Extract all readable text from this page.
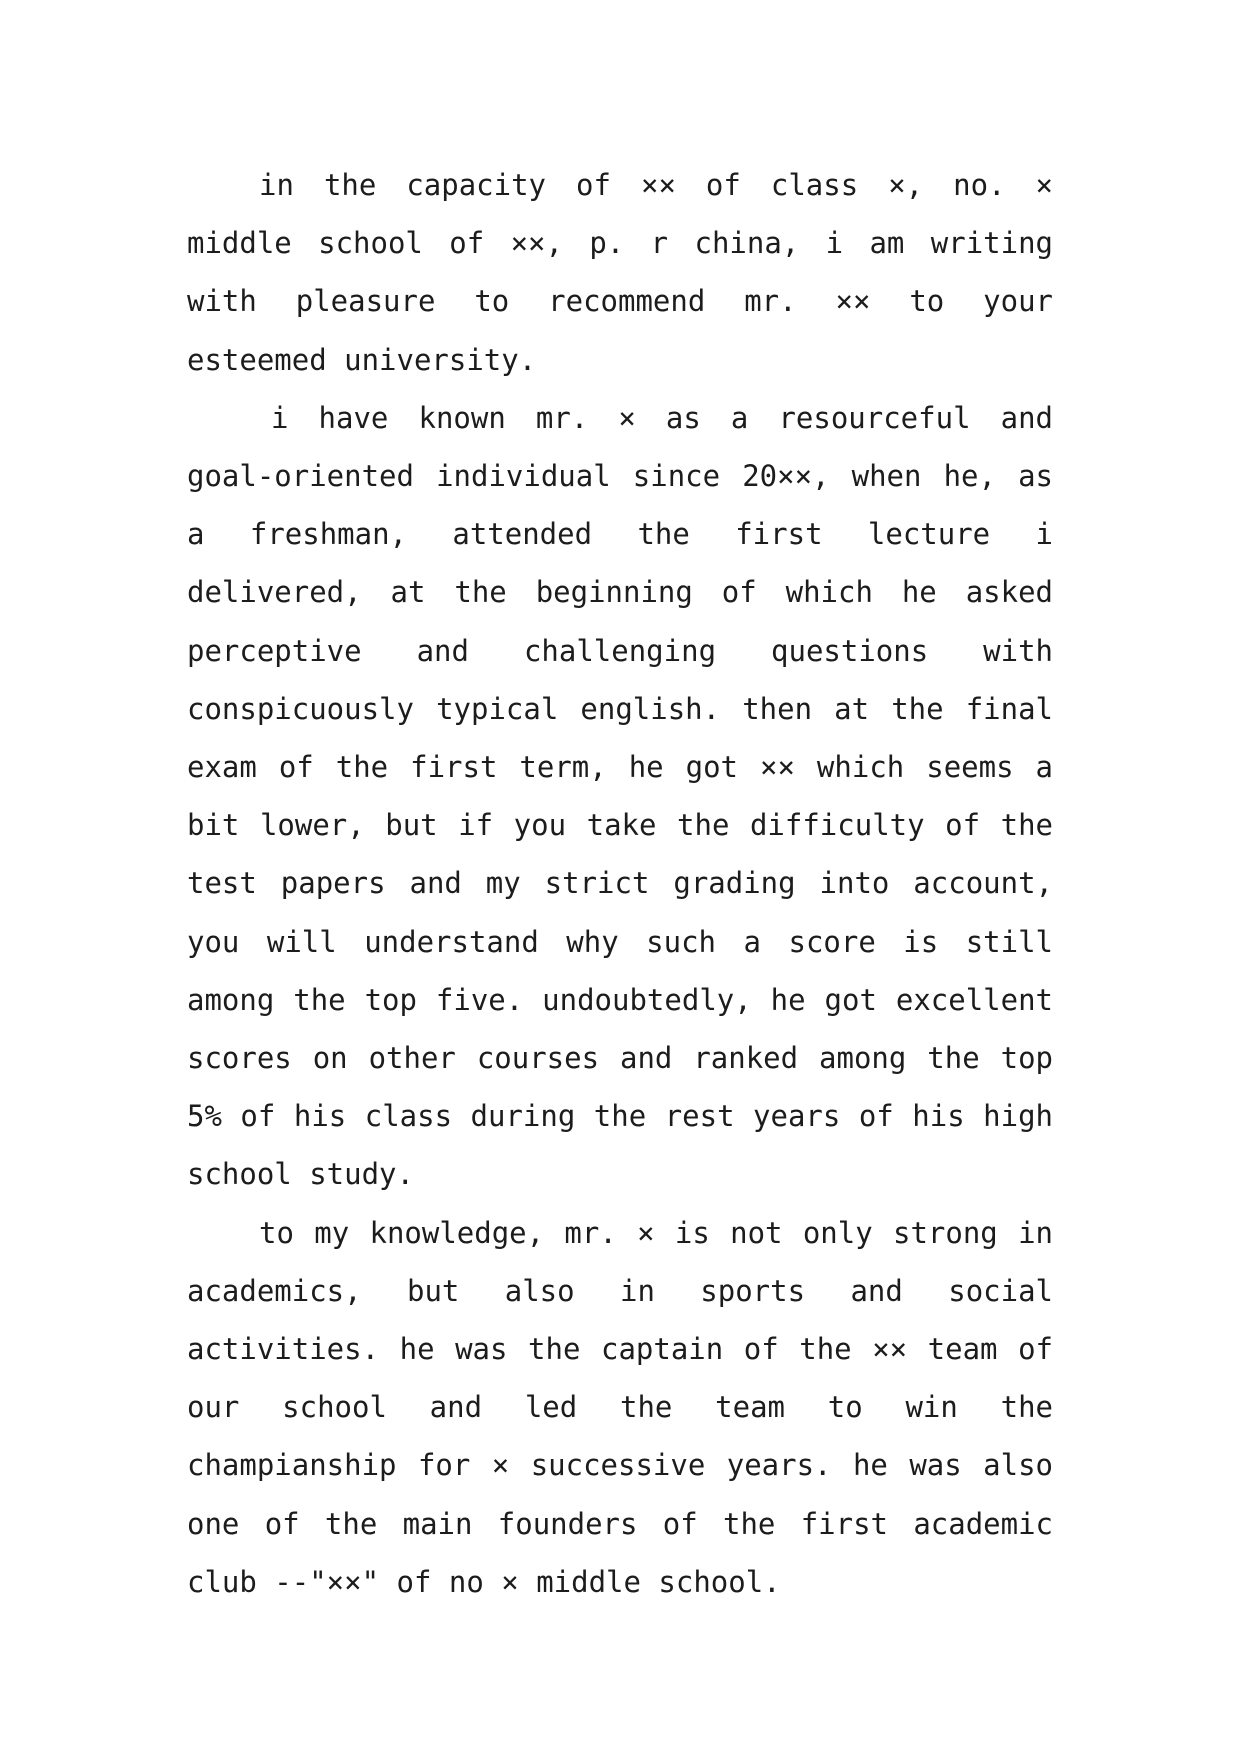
in the capacity of ×× of class ×, no. × middle school of ××, p. r china, i am writing with pleasure to recommend mr. ×× to your esteemed university.

i have known mr. × as a resourceful and goal-oriented individual since 20××, when he, as a freshman, attended the first lecture i delivered, at the beginning of which he asked perceptive and challenging questions with conspicuously typical english. then at the final exam of the first term, he got ×× which seems a bit lower, but if you take the difficulty of the test papers and my strict grading into account, you will understand why such a score is still among the top five. undoubtedly, he got excellent scores on other courses and ranked among the top 5% of his class during the rest years of his high school study.

to my knowledge, mr. × is not only strong in academics, but also in sports and social activities. he was the captain of the ×× team of our school and led the team to win the champianship for × successive years. he was also one of the main founders of the first academic club --"××" of no × middle school.
